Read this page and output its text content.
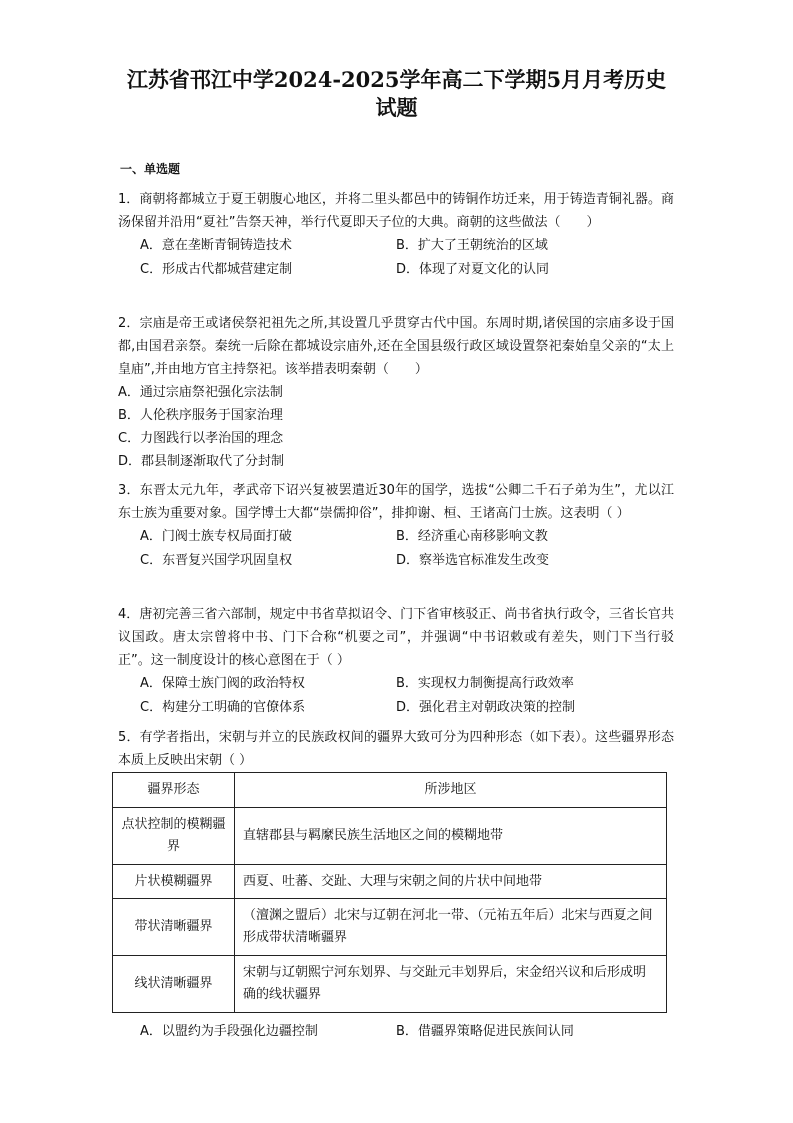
江苏省邗江中学2024-2025学年高二下学期5月月考历史
试题
一、单选题

1．商朝将都城立于夏王朝腹心地区，并将二里头都邑中的铸铜作坊迁来，用于铸造青铜礼器。商汤保留并沿用“夏社”告祭天神，举行代夏即天子位的大典。商朝的这些做法（　　）

A．意在垄断青铜铸造技术	B．扩大了王朝统治的区域
C．形成古代都城营建定制	D．体现了对夏文化的认同

2．宗庙是帝王或诸侯祭祀祖先之所,其设置几乎贯穿古代中国。东周时期,诸侯国的宗庙多设于国都,由国君亲祭。秦统一后除在都城设宗庙外,还在全国县级行政区域设置祭祀秦始皇父亲的“太上皇庙”,并由地方官主持祭祀。该举措表明秦朝（　　）

A．通过宗庙祭祀强化宗法制
B．人伦秩序服务于国家治理
C．力图践行以孝治国的理念
D．郡县制逐渐取代了分封制

3．东晋太元九年，孝武帝下诏兴复被罢遣近30年的国学，选拔“公卿二千石子弟为生”，尤以江东士族为重要对象。国学博士大都“崇儒抑俗”，排抑谢、桓、王诸高门士族。这表明（ ）

A．门阀士族专权局面打破	B．经济重心南移影响文教
C．东晋复兴国学巩固皇权	D．察举选官标准发生改变

4．唐初完善三省六部制，规定中书省草拟诏令、门下省审核驳正、尚书省执行政令，三省长官共议国政。唐太宗曾将中书、门下合称“机要之司”，并强调“中书诏敕或有差失，则门下当行驳正”。这一制度设计的核心意图在于（ ）

A．保障士族门阀的政治特权	B．实现权力制衡提高行政效率
C．构建分工明确的官僚体系	D．强化君主对朝政决策的控制

5．有学者指出，宋朝与并立的民族政权间的疆界大致可分为四种形态（如下表）。这些疆界形态本质上反映出宋朝（ ）

疆界形态	所涉地区
点状控制的模糊疆界	直辖郡县与羁縻民族生活地区之间的模糊地带
片状模糊疆界	西夏、吐蕃、交趾、大理与宋朝之间的片状中间地带
带状清晰疆界	（澶渊之盟后）北宋与辽朝在河北一带、（元祐五年后）北宋与西夏之间形成带状清晰疆界
线状清晰疆界	宋朝与辽朝熙宁河东划界、与交趾元丰划界后，宋金绍兴议和后形成明确的线状疆界
A．以盟约为手段强化边疆控制	B．借疆界策略促进民族间认同
